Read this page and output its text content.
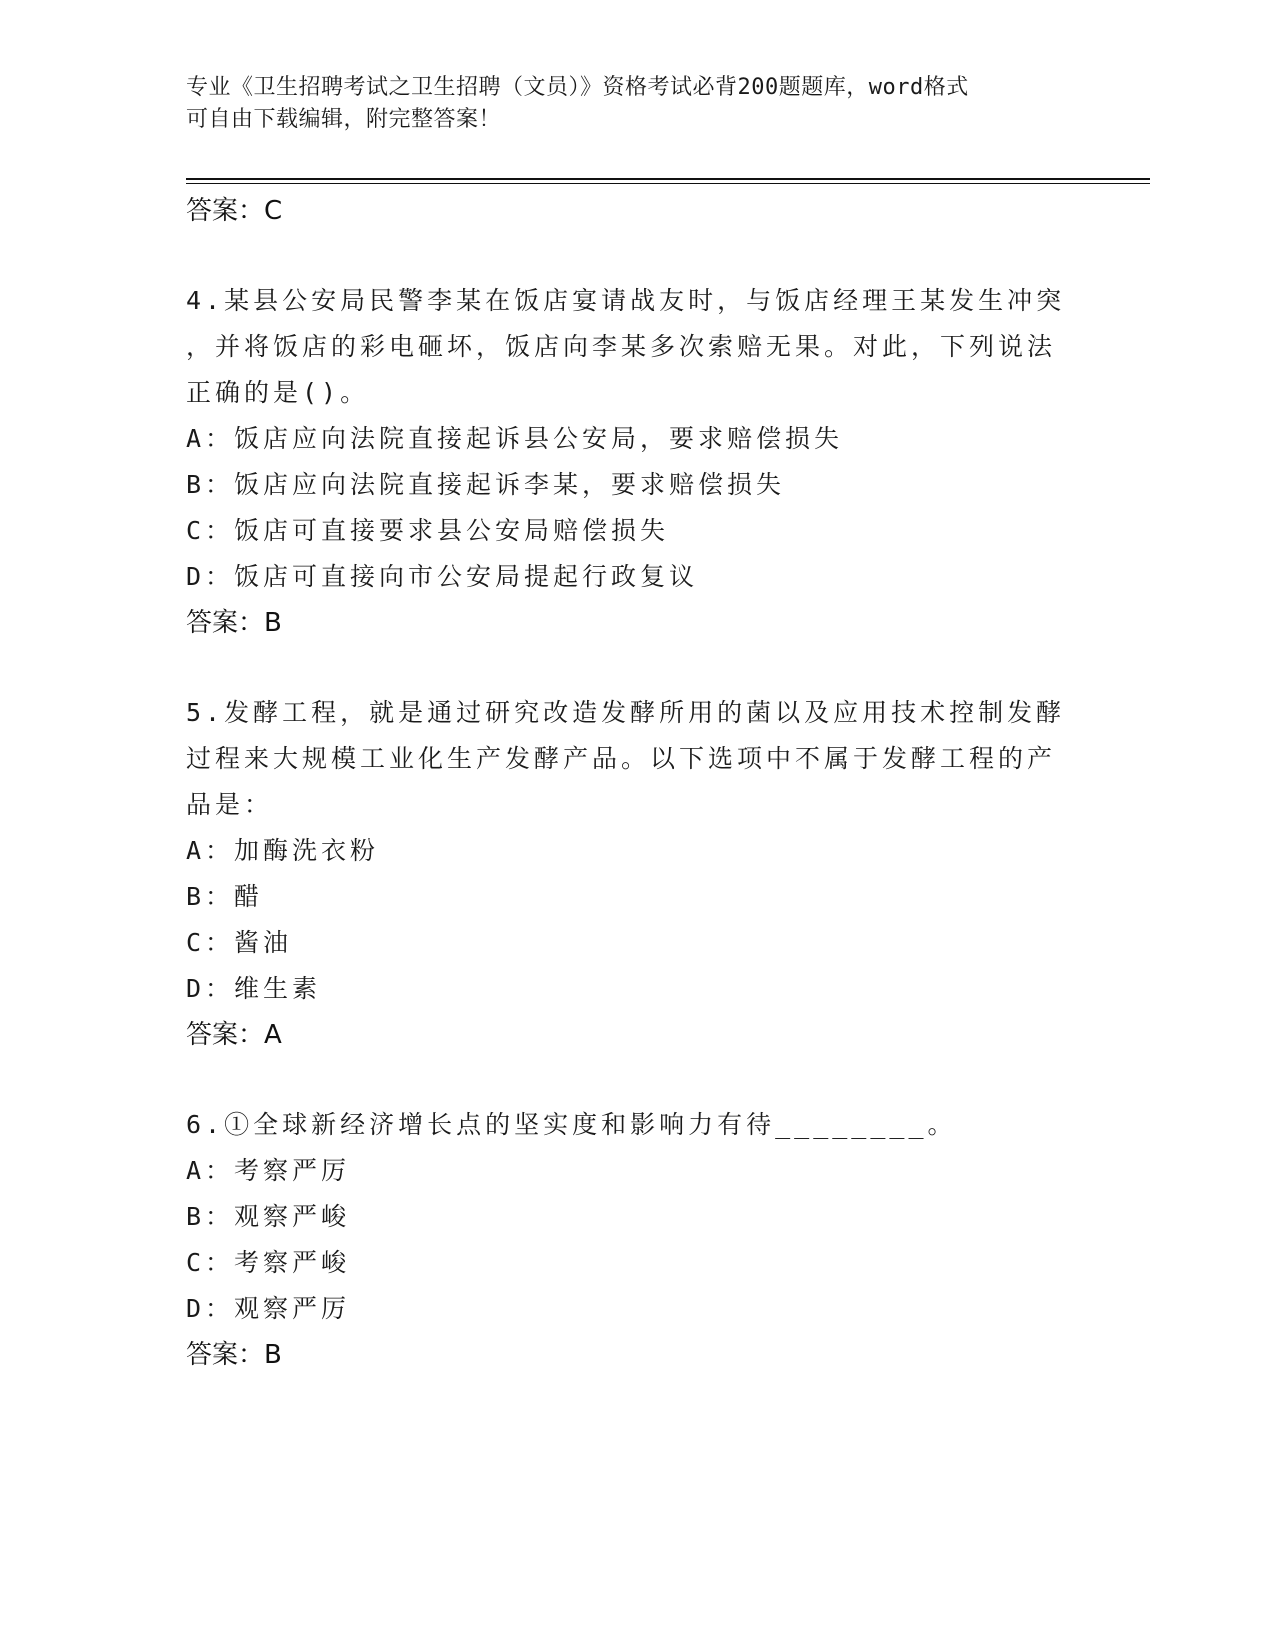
专业《卫生招聘考试之卫生招聘（文员）》资格考试必背200题题库，word格式
可自由下载编辑，附完整答案！

答案：C

4.某县公安局民警李某在饭店宴请战友时，与饭店经理王某发生冲突

，并将饭店的彩电砸坏，饭店向李某多次索赔无果。对此，下列说法

正确的是()。

A：饭店应向法院直接起诉县公安局，要求赔偿损失

B：饭店应向法院直接起诉李某，要求赔偿损失

C：饭店可直接要求县公安局赔偿损失

D：饭店可直接向市公安局提起行政复议

答案：B

5.发酵工程，就是通过研究改造发酵所用的菌以及应用技术控制发酵

过程来大规模工业化生产发酵产品。以下选项中不属于发酵工程的产

品是：

A：加酶洗衣粉

B：醋

C：酱油

D：维生素

答案：A

6.①全球新经济增长点的坚实度和影响力有待________。

A：考察严厉

B：观察严峻

C：考察严峻

D：观察严厉

答案：B
